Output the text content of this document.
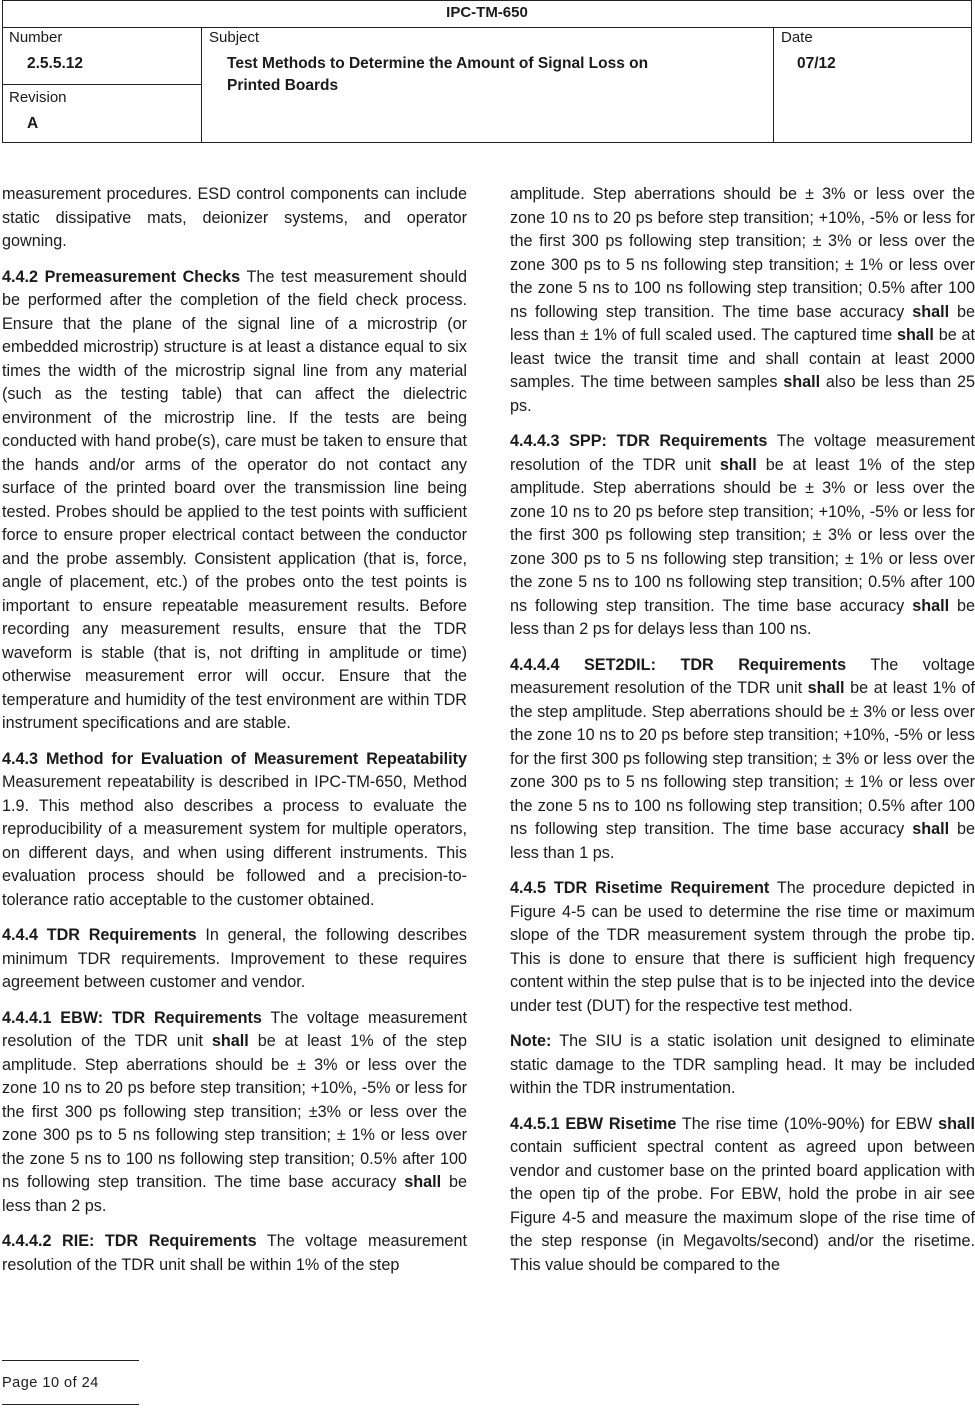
IPC-TM-650
Number
2.5.5.12
Revision
A
Subject
Test Methods to Determine the Amount of Signal Loss on
Printed Boards
Date
07/12

measurement procedures. ESD control components can include static dissipative mats, deionizer systems, and operator gowning.

4.4.2 Premeasurement Checks The test measurement should be performed after the completion of the field check process. Ensure that the plane of the signal line of a microstrip (or embedded microstrip) structure is at least a distance equal to six times the width of the microstrip signal line from any material (such as the testing table) that can affect the dielectric environment of the microstrip line. If the tests are being conducted with hand probe(s), care must be taken to ensure that the hands and/or arms of the operator do not contact any surface of the printed board over the transmission line being tested. Probes should be applied to the test points with sufficient force to ensure proper electrical contact between the conductor and the probe assembly. Consistent application (that is, force, angle of placement, etc.) of the probes onto the test points is important to ensure repeatable measurement results. Before recording any measurement results, ensure that the TDR waveform is stable (that is, not drifting in amplitude or time) otherwise measurement error will occur. Ensure that the temperature and humidity of the test environment are within TDR instrument specifications and are stable.

4.4.3 Method for Evaluation of Measurement Repeatability Measurement repeatability is described in IPC-TM-650, Method 1.9. This method also describes a process to evaluate the reproducibility of a measurement system for multiple operators, on different days, and when using different instruments. This evaluation process should be followed and a precision-to-tolerance ratio acceptable to the customer obtained.

4.4.4 TDR Requirements In general, the following describes minimum TDR requirements. Improvement to these requires agreement between customer and vendor.

4.4.4.1 EBW: TDR Requirements The voltage measurement resolution of the TDR unit shall be at least 1% of the step amplitude. Step aberrations should be ± 3% or less over the zone 10 ns to 20 ps before step transition; +10%, -5% or less for the first 300 ps following step transition; ±3% or less over the zone 300 ps to 5 ns following step transition; ± 1% or less over the zone 5 ns to 100 ns following step transition; 0.5% after 100 ns following step transition. The time base accuracy shall be less than 2 ps.

4.4.4.2 RIE: TDR Requirements The voltage measurement resolution of the TDR unit shall be within 1% of the step

amplitude. Step aberrations should be ± 3% or less over the zone 10 ns to 20 ps before step transition; +10%, -5% or less for the first 300 ps following step transition; ± 3% or less over the zone 300 ps to 5 ns following step transition; ± 1% or less over the zone 5 ns to 100 ns following step transition; 0.5% after 100 ns following step transition. The time base accuracy shall be less than ± 1% of full scaled used. The captured time shall be at least twice the transit time and shall contain at least 2000 samples. The time between samples shall also be less than 25 ps.

4.4.4.3 SPP: TDR Requirements The voltage measurement resolution of the TDR unit shall be at least 1% of the step amplitude. Step aberrations should be ± 3% or less over the zone 10 ns to 20 ps before step transition; +10%, -5% or less for the first 300 ps following step transition; ± 3% or less over the zone 300 ps to 5 ns following step transition; ± 1% or less over the zone 5 ns to 100 ns following step transition; 0.5% after 100 ns following step transition. The time base accuracy shall be less than 2 ps for delays less than 100 ns.

4.4.4.4 SET2DIL: TDR Requirements The voltage measurement resolution of the TDR unit shall be at least 1% of the step amplitude. Step aberrations should be ± 3% or less over the zone 10 ns to 20 ps before step transition; +10%, -5% or less for the first 300 ps following step transition; ± 3% or less over the zone 300 ps to 5 ns following step transition; ± 1% or less over the zone 5 ns to 100 ns following step transition; 0.5% after 100 ns following step transition. The time base accuracy shall be less than 1 ps.

4.4.5 TDR Risetime Requirement The procedure depicted in Figure 4-5 can be used to determine the rise time or maximum slope of the TDR measurement system through the probe tip. This is done to ensure that there is sufficient high frequency content within the step pulse that is to be injected into the device under test (DUT) for the respective test method.

Note: The SIU is a static isolation unit designed to eliminate static damage to the TDR sampling head. It may be included within the TDR instrumentation.

4.4.5.1 EBW Risetime The rise time (10%-90%) for EBW shall contain sufficient spectral content as agreed upon between vendor and customer base on the printed board application with the open tip of the probe. For EBW, hold the probe in air see Figure 4-5 and measure the maximum slope of the rise time of the step response (in Megavolts/second) and/or the risetime. This value should be compared to the

Page 10 of 24
